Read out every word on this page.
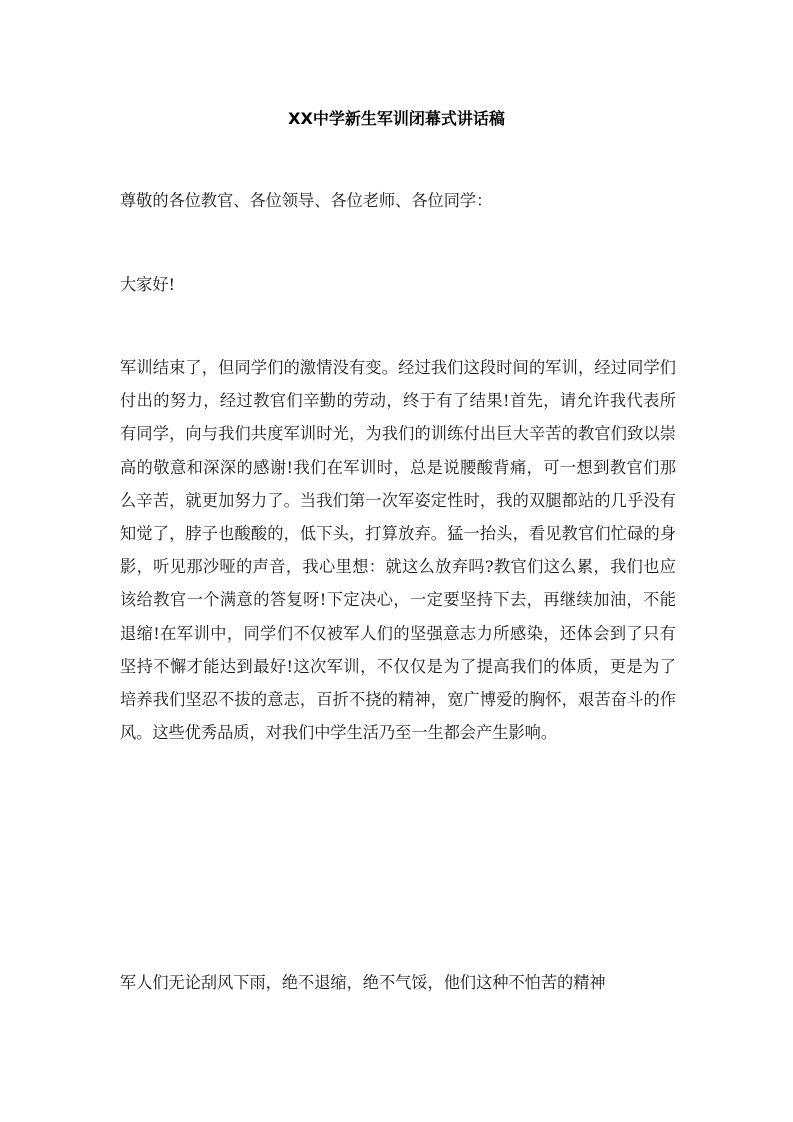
XX中学新生军训闭幕式讲话稿

尊敬的各位教官、各位领导、各位老师、各位同学：

大家好!

军训结束了，但同学们的激情没有变。经过我们这段时间的军训，经过同学们付出的努力，经过教官们辛勤的劳动，终于有了结果!首先，请允许我代表所有同学，向与我们共度军训时光，为我们的训练付出巨大辛苦的教官们致以崇高的敬意和深深的感谢!我们在军训时，总是说腰酸背痛，可一想到教官们那么辛苦，就更加努力了。当我们第一次军姿定性时，我的双腿都站的几乎没有知觉了，脖子也酸酸的，低下头，打算放弃。猛一抬头，看见教官们忙碌的身影，听见那沙哑的声音，我心里想：就这么放弃吗?教官们这么累，我们也应该给教官一个满意的答复呀!下定决心，一定要坚持下去，再继续加油，不能退缩!在军训中，同学们不仅被军人们的坚强意志力所感染，还体会到了只有坚持不懈才能达到最好!这次军训，不仅仅是为了提高我们的体质，更是为了培养我们坚忍不拔的意志，百折不挠的精神，宽广博爱的胸怀，艰苦奋斗的作风。这些优秀品质，对我们中学生活乃至一生都会产生影响。

军人们无论刮风下雨，绝不退缩，绝不气馁，他们这种不怕苦的精神
